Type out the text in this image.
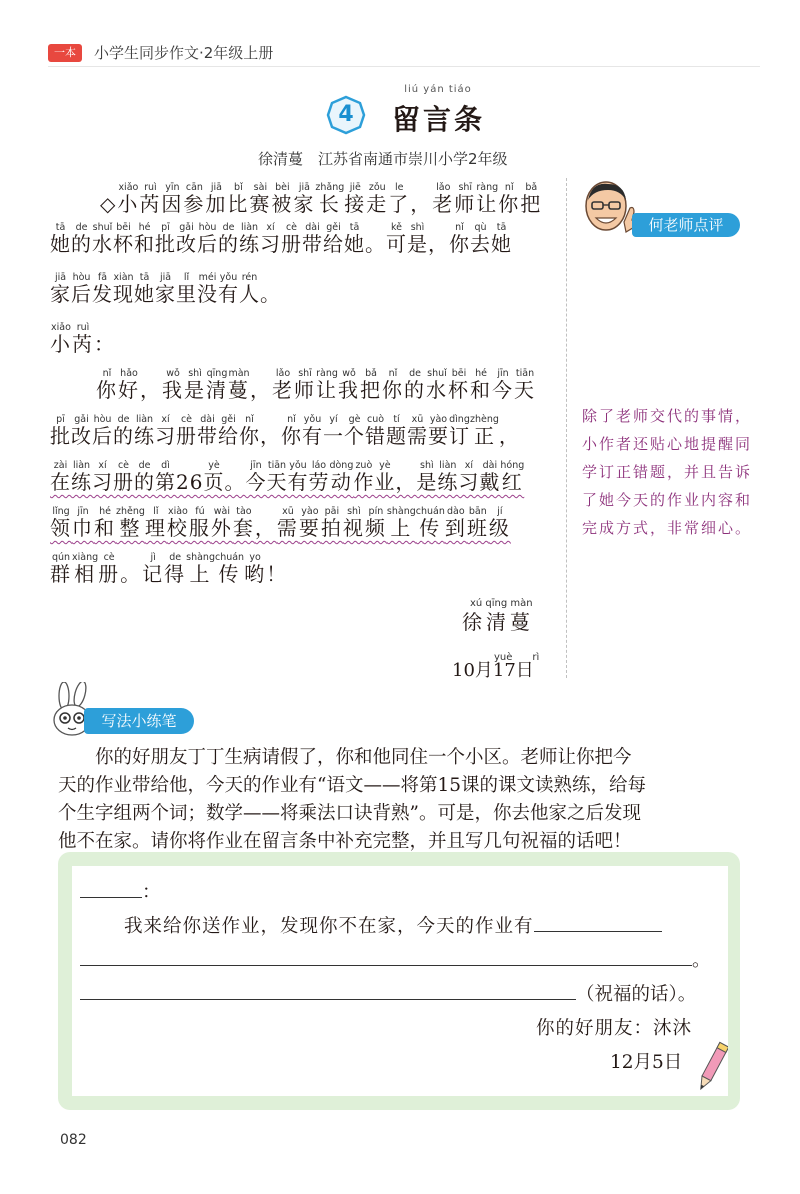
一本	小学生同步作文·2年级上册
4
liú yán tiáo
留言条
徐清蔓　江苏省南通市崇川小学2年级
◇ 小xiǎo芮ruì因yīn参cān加jiā比bǐ赛sài被bèi家jiā长zhǎng接jiē走zǒu了le， 老lǎo师shī让ràng你nǐ把bǎ
她tā的de水shuǐ杯bēi和hé批pī改gǎi后hòu的de练liàn习xí册cè带dài给gěi她tā。 可kě是shì， 你nǐ去qù她tā
家jiā后hòu发fā现xiàn她tā家jiā里lǐ没méi有yǒu人rén。
小xiǎo芮ruì：
你nǐ好hǎo， 我wǒ是shì清qīng蔓màn， 老lǎo师shī让ràng我wǒ把bǎ你nǐ的de水shuǐ杯bēi和hé今jīn天tiān
批pī改gǎi后hòu的de练liàn习xí册cè带dài给gěi你nǐ， 你nǐ有yǒu一yí个gè错cuò题tí需xū要yào订dìng正zhèng，
在zài练liàn习xí册cè的de第dì26 页yè。 今jīn天tiān有yǒu劳láo动dòng作zuò业yè， 是shì练liàn习xí戴dài红hóng
领lǐng巾jīn和hé整zhěng理lǐ校xiào服fú外wài套tào， 需xū要yào拍pāi视shì频pín上shàng传chuán到dào班bān级jí
群qún相xiàng册cè。 记jì得de上shàng传chuán哟yo！
xú qīng màn
徐清蔓
yuè　　rì
10月17日
何老师点评
除了老师交代的事情，小作者还贴心地提醒同学订正错题，并且告诉了她今天的作业内容和完成方式，非常细心。
写法小练笔

你的好朋友丁丁生病请假了，你和他同住一个小区。老师让你把今

天的作业带给他，今天的作业有“语文——将第15课的课文读熟练，给每

个生字组两个词；数学——将乘法口诀背熟”。可是，你去他家之后发现

他不在家。请你将作业在留言条中补充完整，并且写几句祝福的话吧！

：
我来给你送作业，发现你不在家，今天的作业有
。
（祝福的话）。
你的好朋友：沐沐
12月5日
082
